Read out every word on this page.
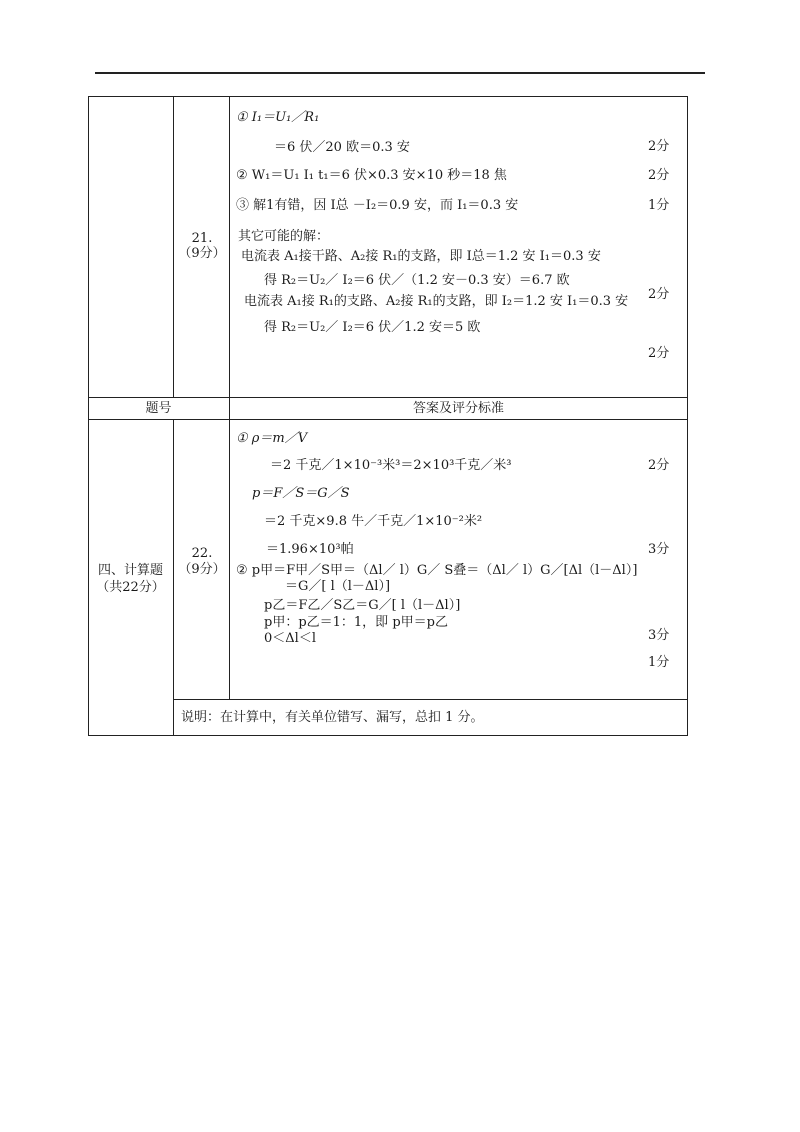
21.
（9分）
① I₁＝U₁／R₁
＝6 伏／20 欧＝0.3 安
② W₁＝U₁ I₁ t₁＝6 伏×0.3 安×10 秒＝18 焦
③ 解1有错，因 I总 －I₂＝0.9 安，而 I₁＝0.3 安
其它可能的解：
电流表 A₁接干路、A₂接 R₁的支路，即 I总＝1.2 安 I₁＝0.3 安
得 R₂＝U₂／ I₂＝6 伏／（1.2 安－0.3 安）＝6.7 欧
电流表 A₁接 R₁的支路、A₂接 R₁的支路，即 I₂＝1.2 安 I₁＝0.3 安
得 R₂＝U₂／ I₂＝6 伏／1.2 安＝5 欧
2分
2分
1分
2分
2分
题号	答案及评分标准
四、计算题
（共22分）
22.
（9分）
① ρ＝m／V
＝2 千克／1×10⁻³米³＝2×10³千克／米³
p＝F／S＝G／S
＝2 千克×9.8 牛／千克／1×10⁻²米²
＝1.96×10³帕
② p甲＝F甲／S甲＝（Δl／ l）G／ S叠＝（Δl／ l）G／[Δl（l－Δl）]
＝G／[ l（l－Δl）]
p乙＝F乙／S乙＝G／[ l（l－Δl）]
p甲：p乙＝1：1，即 p甲＝p乙
0＜Δl＜l
2分
3分
3分
1分
说明：在计算中，有关单位错写、漏写，总扣 1 分。
